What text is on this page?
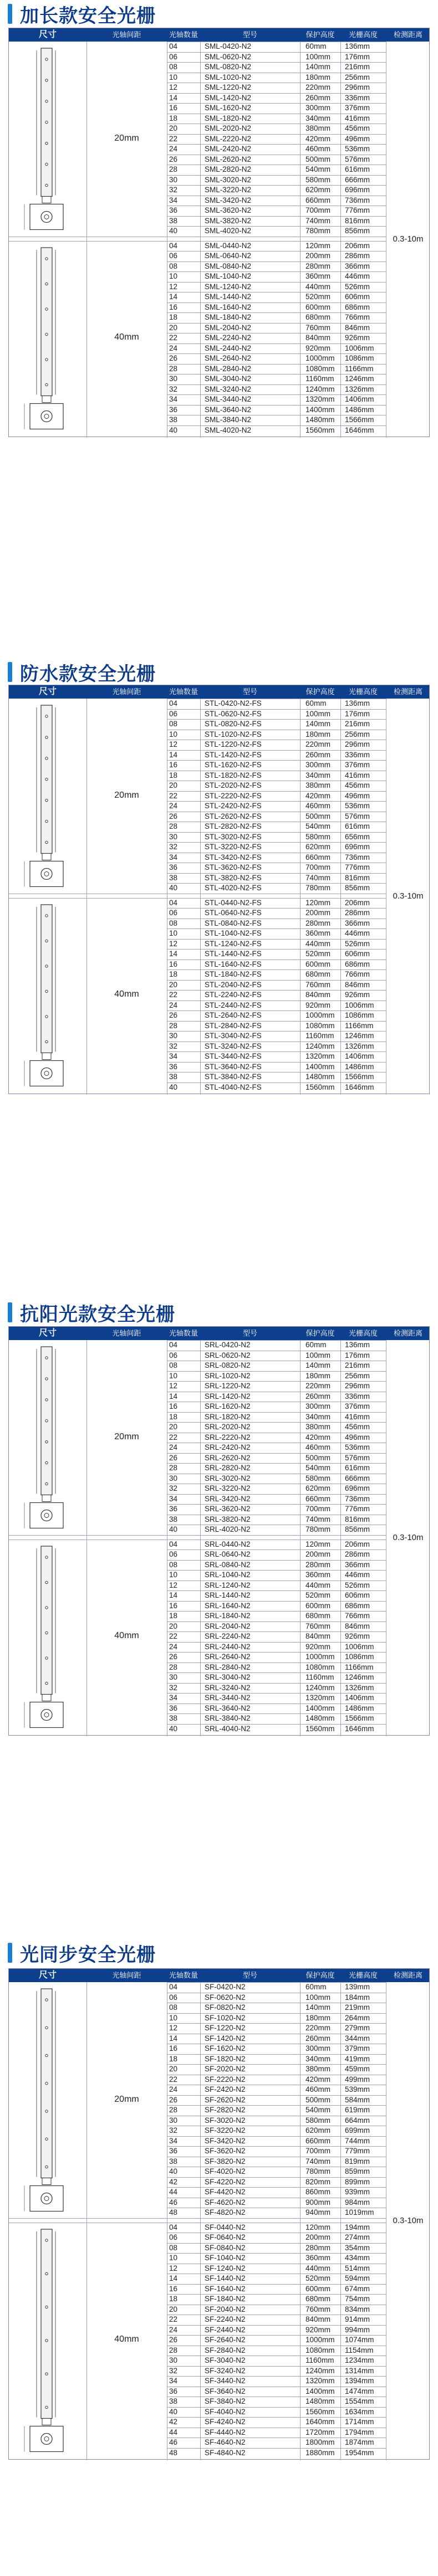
加长款安全光栅
尺寸	光轴间距	光轴数量	型号	保护高度	光栅高度	检测距离
20mm
04	SML-0420-N2	60mm 136mm
06	SML-0620-N2	100mm 176mm
08	SML-0820-N2	140mm 216mm
10	SML-1020-N2	180mm 256mm
12	SML-1220-N2	220mm 296mm
14	SML-1420-N2	260mm 336mm
16	SML-1620-N2	300mm 376mm
18	SML-1820-N2	340mm 416mm
20	SML-2020-N2	380mm 456mm
22	SML-2220-N2	420mm 496mm
24	SML-2420-N2	460mm 536mm
26	SML-2620-N2	500mm 576mm
28	SML-2820-N2	540mm 616mm
30	SML-3020-N2	580mm 666mm
32	SML-3220-N2	620mm 696mm
34	SML-3420-N2	660mm 736mm
36	SML-3620-N2	700mm 776mm
38	SML-3820-N2	740mm 816mm
40	SML-4020-N2	780mm 856mm
40mm
04	SML-0440-N2	120mm 206mm
06	SML-0640-N2	200mm 286mm
08	SML-0840-N2	280mm 366mm
10	SML-1040-N2	360mm 446mm
12	SML-1240-N2	440mm 526mm
14	SML-1440-N2	520mm 606mm
16	SML-1640-N2	600mm 686mm
18	SML-1840-N2	680mm 766mm
20	SML-2040-N2	760mm 846mm
22	SML-2240-N2	840mm 926mm
24	SML-2440-N2	920mm 1006mm
26	SML-2640-N2	1000mm 1086mm
28	SML-2840-N2	1080mm 1166mm
30	SML-3040-N2	1160mm 1246mm
32	SML-3240-N2	1240mm 1326mm
34	SML-3440-N2	1320mm 1406mm
36	SML-3640-N2	1400mm 1486mm
38	SML-3840-N2	1480mm 1566mm
40	SML-4020-N2	1560mm 1646mm
0.3-10m
防水款安全光栅
尺寸	光轴间距	光轴数量	型号	保护高度	光栅高度	检测距离
20mm
04	STL-0420-N2-FS	60mm 136mm
06	STL-0620-N2-FS	100mm 176mm
08	STL-0820-N2-FS	140mm 216mm
10	STL-1020-N2-FS	180mm 256mm
12	STL-1220-N2-FS	220mm 296mm
14	STL-1420-N2-FS	260mm 336mm
16	STL-1620-N2-FS	300mm 376mm
18	STL-1820-N2-FS	340mm 416mm
20	STL-2020-N2-FS	380mm 456mm
22	STL-2220-N2-FS	420mm 496mm
24	STL-2420-N2-FS	460mm 536mm
26	STL-2620-N2-FS	500mm 576mm
28	STL-2820-N2-FS	540mm 616mm
30	STL-3020-N2-FS	580mm 656mm
32	STL-3220-N2-FS	620mm 696mm
34	STL-3420-N2-FS	660mm 736mm
36	STL-3620-N2-FS	700mm 776mm
38	STL-3820-N2-FS	740mm 816mm
40	STL-4020-N2-FS	780mm 856mm
40mm
04	STL-0440-N2-FS	120mm 206mm
06	STL-0640-N2-FS	200mm 286mm
08	STL-0840-N2-FS	280mm 366mm
10	STL-1040-N2-FS	360mm 446mm
12	STL-1240-N2-FS	440mm 526mm
14	STL-1440-N2-FS	520mm 606mm
16	STL-1640-N2-FS	600mm 686mm
18	STL-1840-N2-FS	680mm 766mm
20	STL-2040-N2-FS	760mm 846mm
22	STL-2240-N2-FS	840mm 926mm
24	STL-2440-N2-FS	920mm 1006mm
26	STL-2640-N2-FS	1000mm 1086mm
28	STL-2840-N2-FS	1080mm 1166mm
30	STL-3040-N2-FS	1160mm 1246mm
32	STL-3240-N2-FS	1240mm 1326mm
34	STL-3440-N2-FS	1320mm 1406mm
36	STL-3640-N2-FS	1400mm 1486mm
38	STL-3840-N2-FS	1480mm 1566mm
40	STL-4040-N2-FS	1560mm 1646mm
0.3-10m
抗阳光款安全光栅
尺寸	光轴间距	光轴数量	型号	保护高度	光栅高度	检测距离
20mm
04	SRL-0420-N2	60mm 136mm
06	SRL-0620-N2	100mm 176mm
08	SRL-0820-N2	140mm 216mm
10	SRL-1020-N2	180mm 256mm
12	SRL-1220-N2	220mm 296mm
14	SRL-1420-N2	260mm 336mm
16	SRL-1620-N2	300mm 376mm
18	SRL-1820-N2	340mm 416mm
20	SRL-2020-N2	380mm 456mm
22	SRL-2220-N2	420mm 496mm
24	SRL-2420-N2	460mm 536mm
26	SRL-2620-N2	500mm 576mm
28	SRL-2820-N2	540mm 616mm
30	SRL-3020-N2	580mm 666mm
32	SRL-3220-N2	620mm 696mm
34	SRL-3420-N2	660mm 736mm
36	SRL-3620-N2	700mm 776mm
38	SRL-3820-N2	740mm 816mm
40	SRL-4020-N2	780mm 856mm
40mm
04	SRL-0440-N2	120mm 206mm
06	SRL-0640-N2	200mm 286mm
08	SRL-0840-N2	280mm 366mm
10	SRL-1040-N2	360mm 446mm
12	SRL-1240-N2	440mm 526mm
14	SRL-1440-N2	520mm 606mm
16	SRL-1640-N2	600mm 686mm
18	SRL-1840-N2	680mm 766mm
20	SRL-2040-N2	760mm 846mm
22	SRL-2240-N2	840mm 926mm
24	SRL-2440-N2	920mm 1006mm
26	SRL-2640-N2	1000mm 1086mm
28	SRL-2840-N2	1080mm 1166mm
30	SRL-3040-N2	1160mm 1246mm
32	SRL-3240-N2	1240mm 1326mm
34	SRL-3440-N2	1320mm 1406mm
36	SRL-3640-N2	1400mm 1486mm
38	SRL-3840-N2	1480mm 1566mm
40	SRL-4040-N2	1560mm 1646mm
0.3-10m
光同步安全光栅
尺寸	光轴间距	光轴数量	型号	保护高度	光栅高度	检测距离
20mm
04	SF-0420-N2	60mm 139mm
06	SF-0620-N2	100mm 184mm
08	SF-0820-N2	140mm 219mm
10	SF-1020-N2	180mm 264mm
12	SF-1220-N2	220mm 279mm
14	SF-1420-N2	260mm 344mm
16	SF-1620-N2	300mm 379mm
18	SF-1820-N2	340mm 419mm
20	SF-2020-N2	380mm 459mm
22	SF-2220-N2	420mm 499mm
24	SF-2420-N2	460mm 539mm
26	SF-2620-N2	500mm 584mm
28	SF-2820-N2	540mm 619mm
30	SF-3020-N2	580mm 664mm
32	SF-3220-N2	620mm 699mm
34	SF-3420-N2	660mm 744mm
36	SF-3620-N2	700mm 779mm
38	SF-3820-N2	740mm 819mm
40	SF-4020-N2	780mm 859mm
42	SF-4220-N2	820mm 899mm
44	SF-4420-N2	860mm 939mm
46	SF-4620-N2	900mm 984mm
48	SF-4820-N2	940mm 1019mm
40mm
04	SF-0440-N2	120mm 194mm
06	SF-0640-N2	200mm 274mm
08	SF-0840-N2	280mm 354mm
10	SF-1040-N2	360mm 434mm
12	SF-1240-N2	440mm 514mm
14	SF-1440-N2	520mm 594mm
16	SF-1640-N2	600mm 674mm
18	SF-1840-N2	680mm 754mm
20	SF-2040-N2	760mm 834mm
22	SF-2240-N2	840mm 914mm
24	SF-2440-N2	920mm 994mm
26	SF-2640-N2	1000mm 1074mm
28	SF-2840-N2	1080mm 1154mm
30	SF-3040-N2	1160mm 1234mm
32	SF-3240-N2	1240mm 1314mm
34	SF-3440-N2	1320mm 1394mm
36	SF-3640-N2	1400mm 1474mm
38	SF-3840-N2	1480mm 1554mm
40	SF-4040-N2	1560mm 1634mm
42	SF-4240-N2	1640mm 1714mm
44	SF-4440-N2	1720mm 1794mm
46	SF-4640-N2	1800mm 1874mm
48	SF-4840-N2	1880mm 1954mm
0.3-10m
